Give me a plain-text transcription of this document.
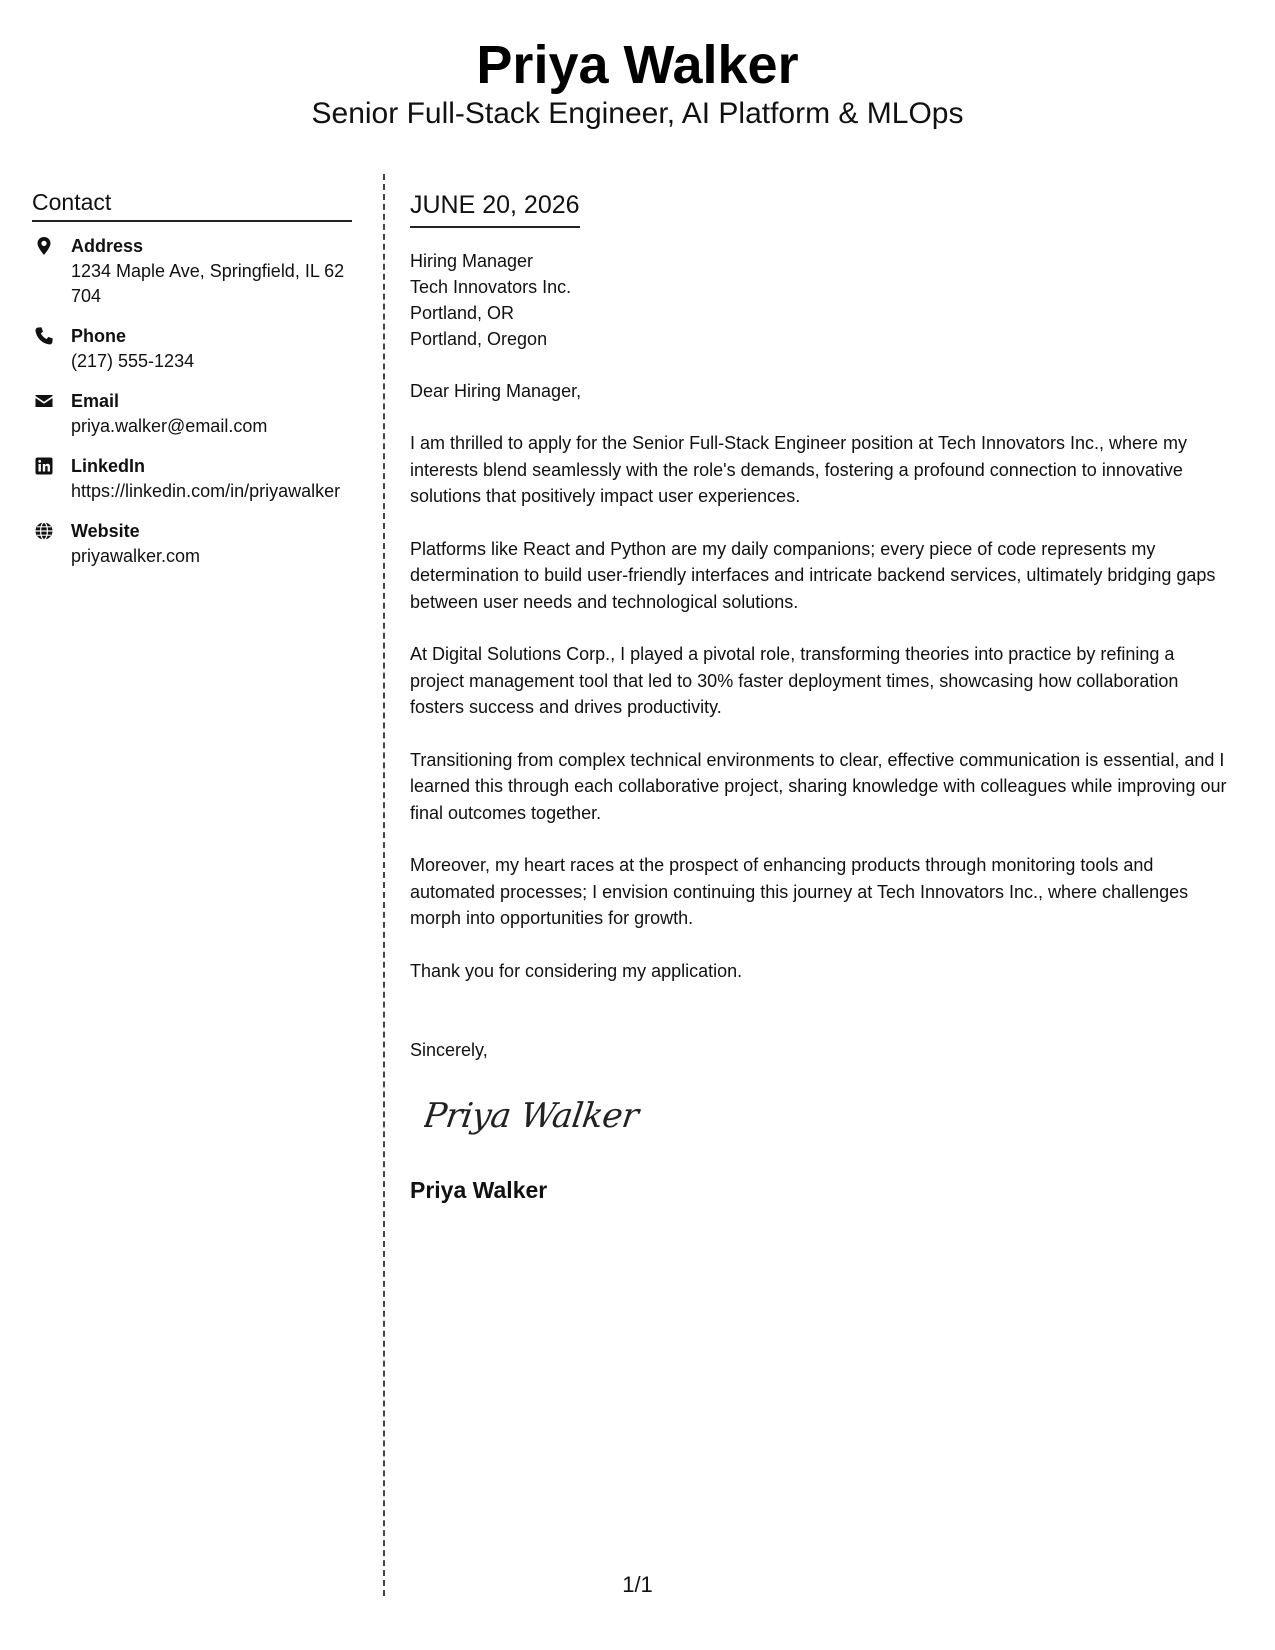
Priya Walker
Senior Full-Stack Engineer, AI Platform & MLOps
Contact
Address
1234 Maple Ave, Springfield, IL 62704
Phone
(217) 555-1234
Email
priya.walker@email.com
LinkedIn
https://linkedin.com/in/priyawalker
Website
priyawalker.com
JUNE 20, 2026
Hiring Manager
Tech Innovators Inc.
Portland, OR
Portland, Oregon
Dear Hiring Manager,

I am thrilled to apply for the Senior Full-Stack Engineer position at Tech Innovators Inc., where my interests blend seamlessly with the role's demands, fostering a profound connection to innovative solutions that positively impact user experiences.

Platforms like React and Python are my daily companions; every piece of code represents my determination to build user-friendly interfaces and intricate backend services, ultimately bridging gaps between user needs and technological solutions.

At Digital Solutions Corp., I played a pivotal role, transforming theories into practice by refining a project management tool that led to 30% faster deployment times, showcasing how collaboration fosters success and drives productivity.

Transitioning from complex technical environments to clear, effective communication is essential, and I learned this through each collaborative project, sharing knowledge with colleagues while improving our final outcomes together.

Moreover, my heart races at the prospect of enhancing products through monitoring tools and automated processes; I envision continuing this journey at Tech Innovators Inc., where challenges morph into opportunities for growth.

Thank you for considering my application.

Sincerely,
Priya Walker
Priya Walker
1/1
